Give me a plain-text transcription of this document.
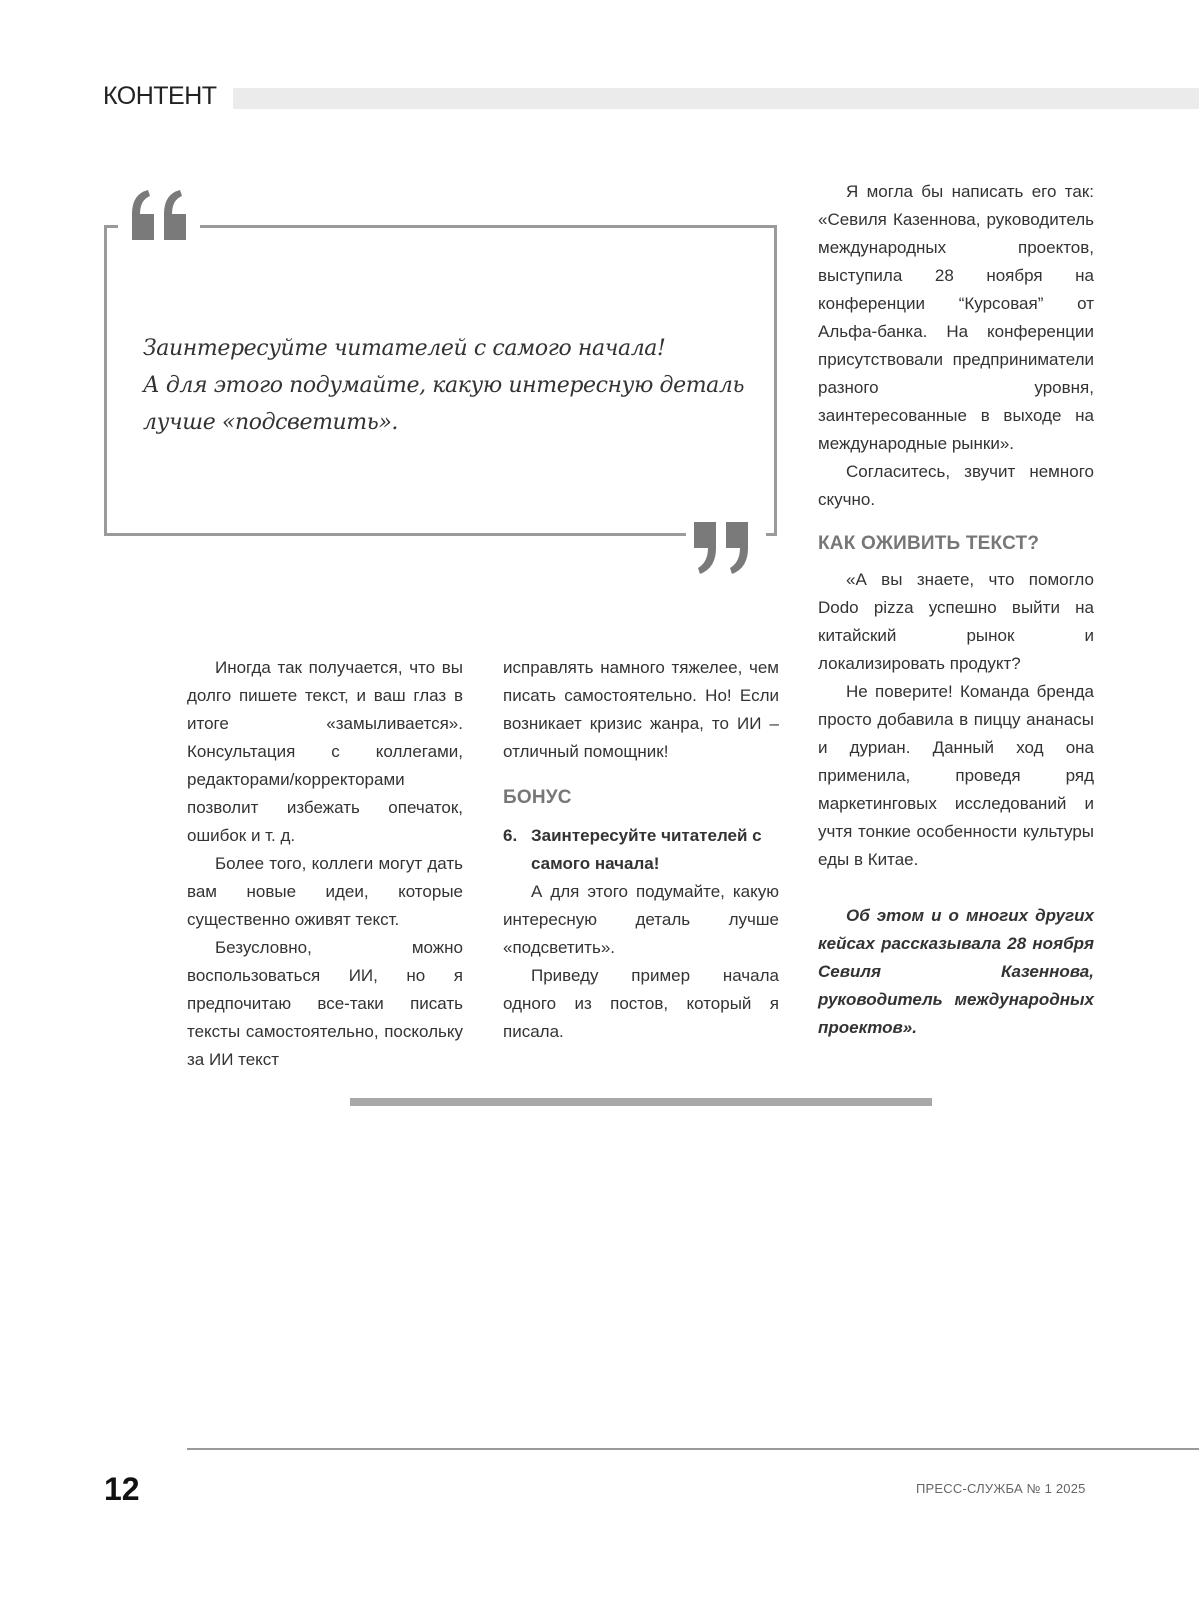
КОНТЕНТ
Заинтересуйте читателей с самого начала!
А для этого подумайте, какую интересную деталь
лучше «подсветить».

Иногда так получается, что вы долго пишете текст, и ваш глаз в итоге «замыливается». Консультация с коллегами, редакторами/корректорами позволит избежать опечаток, ошибок и т. д.

Более того, коллеги могут дать вам новые идеи, которые существенно оживят текст.

Безусловно, можно воспользоваться ИИ, но я предпочитаю все-таки писать тексты самостоятельно, поскольку за ИИ текст

исправлять намного тяжелее, чем писать самостоятельно. Но! Если возникает кризис жанра, то ИИ – отличный помощник!

БОНУС
6. Заинтересуйте читателей с самого начала!

А для этого подумайте, какую интересную деталь лучше «подсветить».

Приведу пример начала одного из постов, который я писала.

Я могла бы написать его так: «Севиля Казеннова, руководитель международных проектов, выступила 28 ноября на конференции “Курсовая” от Альфа-банка. На конференции присутствовали предприниматели разного уровня, заинтересованные в выходе на международные рынки».

Согласитесь, звучит немного скучно.

КАК ОЖИВИТЬ ТЕКСТ?

«А вы знаете, что помогло Dodo pizza успешно выйти на китайский рынок и локализировать продукт?

Не поверите! Команда бренда просто добавила в пиццу ананасы и дуриан. Данный ход она применила, проведя ряд маркетинговых исследований и учтя тонкие особенности культуры еды в Китае.

Об этом и о многих других кейсах рассказывала 28 ноября Севиля Казеннова, руководитель международных проектов».

12	ПРЕСС-СЛУЖБА № 1 2025
